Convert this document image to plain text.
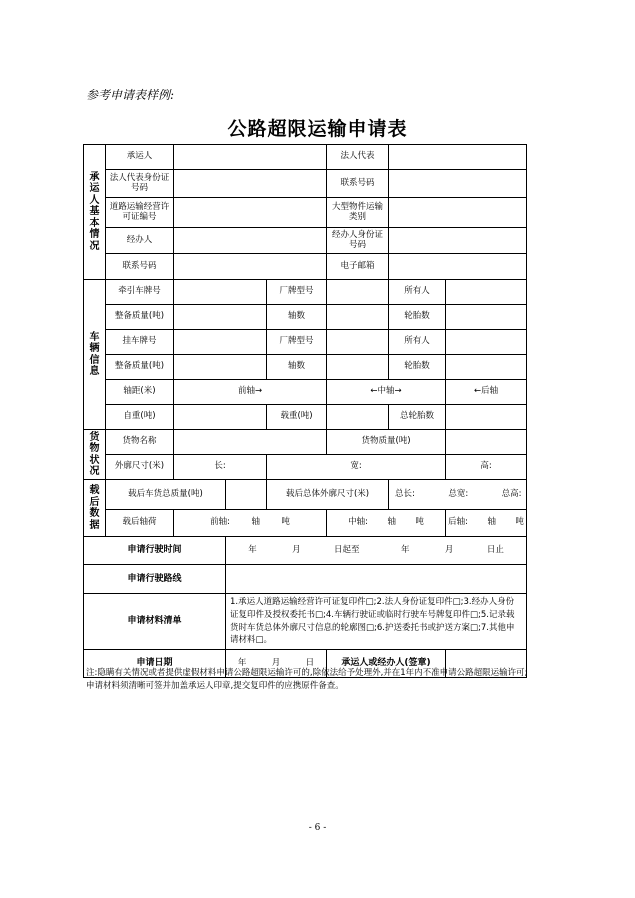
参考申请表样例:
公路超限运输申请表
承运人基本情况	承运人				法人代表		
	法人代表身份证号码				联系号码		
	道路运输经营许可证编号				大型物件运输类别		
	经办人				经办人身份证号码		
	联系号码				电子邮箱		

车辆信息	牵引车牌号			厂牌型号		所有人	
	整备质量(吨)			轴数		轮胎数	
	挂车牌号			厂牌型号		所有人	
	整备质量(吨)			轴数		轮胎数	
	轴距(米)	前轴→			←中轴→		←后轴
	自重(吨)			载重(吨)		总轮胎数	

货物状况	货物名称				货物质量(吨)		
	外廓尺寸(米)	长:		宽:			高:

载后数据	载后车货总质量(吨)			载后总体外廓尺寸(米)		总长: 总宽: 总高:	
	载后轴荷	前轴: 轴 吨			中轴: 轴 吨		后轴: 轴 吨
申请行驶时间			年 月 日起至 年 月 日止				
申请行驶路线							
申请材料清单			1.承运人道路运输经营许可证复印件□;2.法人身份证复印件□;3.经办人身份证复印件及授权委托书□;4.车辆行驶证或临时行驶车号牌复印件□;5.记录载货时车货总体外廓尺寸信息的轮廓图□;6.护送委托书或护送方案□;7.其他申请材料□。				
申请日期			年 月 日		承运人或经办人(签章)		
注:隐瞒有关情况或者提供虚假材料申请公路超限运输许可的,除依法给予处理外,并在1年内不准申请公路超限运输许可;申请材料须清晰可签并加盖承运人印章,提交复印件的应携原件备查。
- 6 -
